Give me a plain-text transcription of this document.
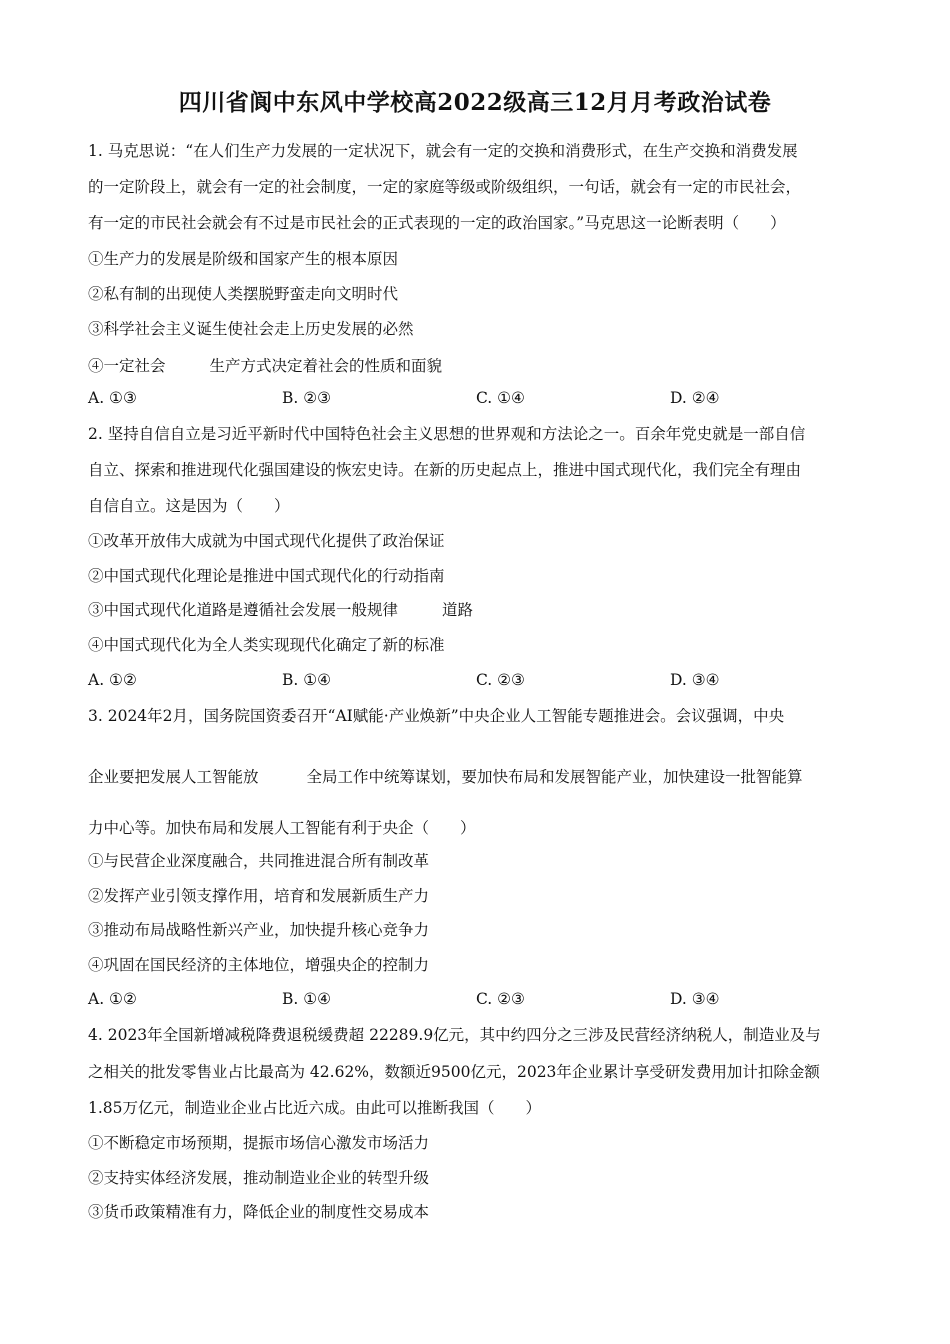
四川省阆中东风中学校高2022级高三12月月考政治试卷
1. 马克思说：“在人们生产力发展的一定状况下，就会有一定的交换和消费形式，在生产交换和消费发展
的一定阶段上，就会有一定的社会制度，一定的家庭等级或阶级组织，一句话，就会有一定的市民社会，
有一定的市民社会就会有不过是市民社会的正式表现的一定的政治国家。”马克思这一论断表明（　　）
①生产力的发展是阶级和国家产生的根本原因
②私有制的出现使人类摆脱野蛮走向文明时代
③科学社会主义诞生使社会走上历史发展的必然
④一定社会	生产方式决定着社会的性质和面貌
A. ①③	B. ②③	C. ①④	D. ②④
2. 坚持自信自立是习近平新时代中国特色社会主义思想的世界观和方法论之一。百余年党史就是一部自信
自立、探索和推进现代化强国建设的恢宏史诗。在新的历史起点上，推进中国式现代化，我们完全有理由
自信自立。这是因为（　　）
①改革开放伟大成就为中国式现代化提供了政治保证
②中国式现代化理论是推进中国式现代化的行动指南
③中国式现代化道路是遵循社会发展一般规律	道路
④中国式现代化为全人类实现现代化确定了新的标准
A. ①②	B. ①④	C. ②③	D. ③④
3. 2024年2月，国务院国资委召开“AI赋能·产业焕新”中央企业人工智能专题推进会。会议强调，中央
企业要把发展人工智能放	全局工作中统筹谋划，要加快布局和发展智能产业，加快建设一批智能算
力中心等。加快布局和发展人工智能有利于央企（　　）
①与民营企业深度融合，共同推进混合所有制改革
②发挥产业引领支撑作用，培育和发展新质生产力
③推动布局战略性新兴产业，加快提升核心竞争力
④巩固在国民经济的主体地位，增强央企的控制力
A. ①②	B. ①④	C. ②③	D. ③④
4. 2023年全国新增减税降费退税缓费超 22289.9亿元，其中约四分之三涉及民营经济纳税人，制造业及与
之相关的批发零售业占比最高为 42.62%，数额近9500亿元，2023年企业累计享受研发费用加计扣除金额
1.85万亿元，制造业企业占比近六成。由此可以推断我国（　　）
①不断稳定市场预期，提振市场信心激发市场活力
②支持实体经济发展，推动制造业企业的转型升级
③货币政策精准有力，降低企业的制度性交易成本
